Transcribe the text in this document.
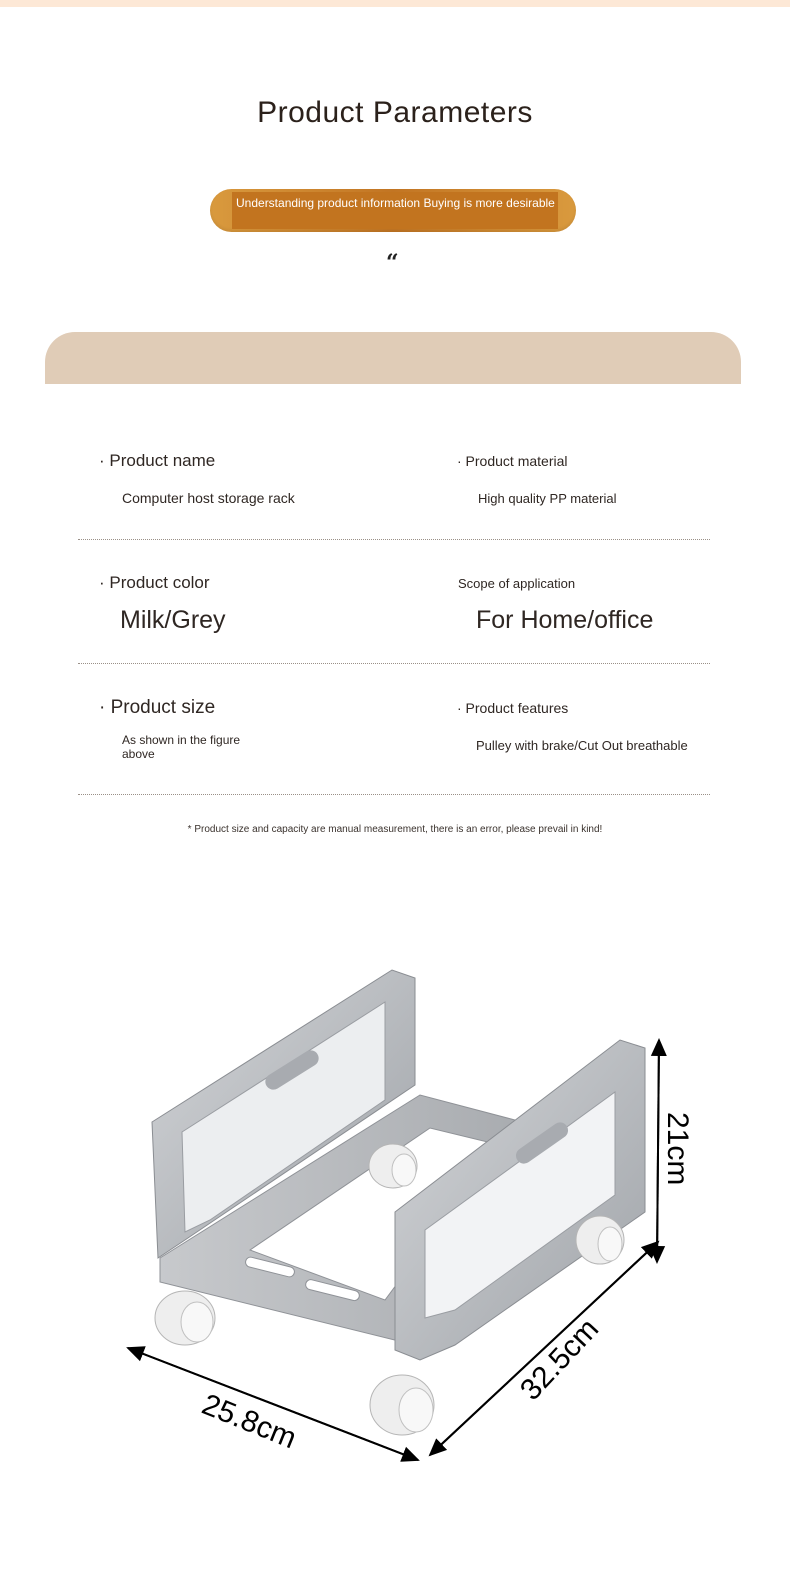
Product Parameters
Understanding product information Buying is more desirable
“
· Product name
Computer host storage rack
· Product material
High quality PP material
· Product color
Milk/Grey
Scope of application
For Home/office
· Product size
As shown in the figure
above
· Product features
Pulley with brake/Cut Out breathable
* Product size and capacity are manual measurement, there is an error, please prevail in kind!
21cm
32.5cm
25.8cm
